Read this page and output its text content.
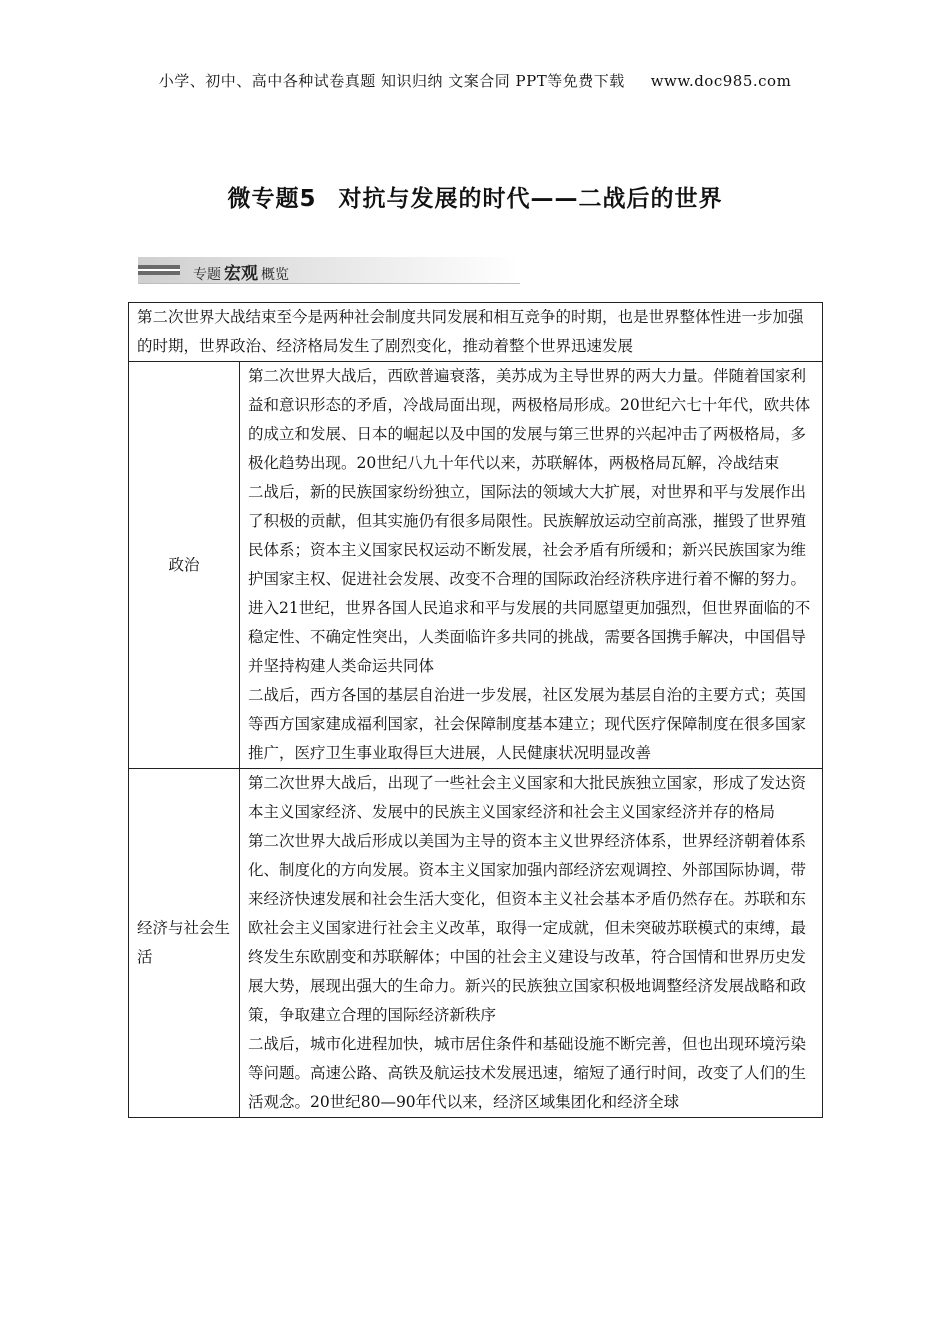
小学、初中、高中各种试卷真题 知识归纳 文案合同 PPT等免费下载 www.doc985.com
微专题5 对抗与发展的时代——二战后的世界
专题 宏观 概览
第二次世界大战结束至今是两种社会制度共同发展和相互竞争的时期，也是世界整体性进一步加强的时期，世界政治、经济格局发生了剧烈变化，推动着整个世界迅速发展	
政治	第二次世界大战后，西欧普遍衰落，美苏成为主导世界的两大力量。伴随着国家利益和意识形态的矛盾，冷战局面出现，两极格局形成。20世纪六七十年代，欧共体的成立和发展、日本的崛起以及中国的发展与第三世界的兴起冲击了两极格局，多极化趋势出现。20世纪八九十年代以来，苏联解体，两极格局瓦解，冷战结束
二战后，新的民族国家纷纷独立，国际法的领域大大扩展，对世界和平与发展作出了积极的贡献，但其实施仍有很多局限性。民族解放运动空前高涨，摧毁了世界殖民体系；资本主义国家民权运动不断发展，社会矛盾有所缓和；新兴民族国家为维护国家主权、促进社会发展、改变不合理的国际政治经济秩序进行着不懈的努力。进入21世纪，世界各国人民追求和平与发展的共同愿望更加强烈，但世界面临的不稳定性、不确定性突出，人类面临许多共同的挑战，需要各国携手解决，中国倡导并坚持构建人类命运共同体
二战后，西方各国的基层自治进一步发展，社区发展为基层自治的主要方式；英国等西方国家建成福利国家，社会保障制度基本建立；现代医疗保障制度在很多国家推广，医疗卫生事业取得巨大进展，人民健康状况明显改善

经济与社会生活	第二次世界大战后，出现了一些社会主义国家和大批民族独立国家，形成了发达资本主义国家经济、发展中的民族主义国家经济和社会主义国家经济并存的格局
第二次世界大战后形成以美国为主导的资本主义世界经济体系，世界经济朝着体系化、制度化的方向发展。资本主义国家加强内部经济宏观调控、外部国际协调，带来经济快速发展和社会生活大变化，但资本主义社会基本矛盾仍然存在。苏联和东欧社会主义国家进行社会主义改革，取得一定成就，但未突破苏联模式的束缚，最终发生东欧剧变和苏联解体；中国的社会主义建设与改革，符合国情和世界历史发展大势，展现出强大的生命力。新兴的民族独立国家积极地调整经济发展战略和政策，争取建立合理的国际经济新秩序
二战后，城市化进程加快，城市居住条件和基础设施不断完善，但也出现环境污染等问题。高速公路、高铁及航运技术发展迅速，缩短了通行时间，改变了人们的生活观念。20世纪80—90年代以来，经济区域集团化和经济全球
